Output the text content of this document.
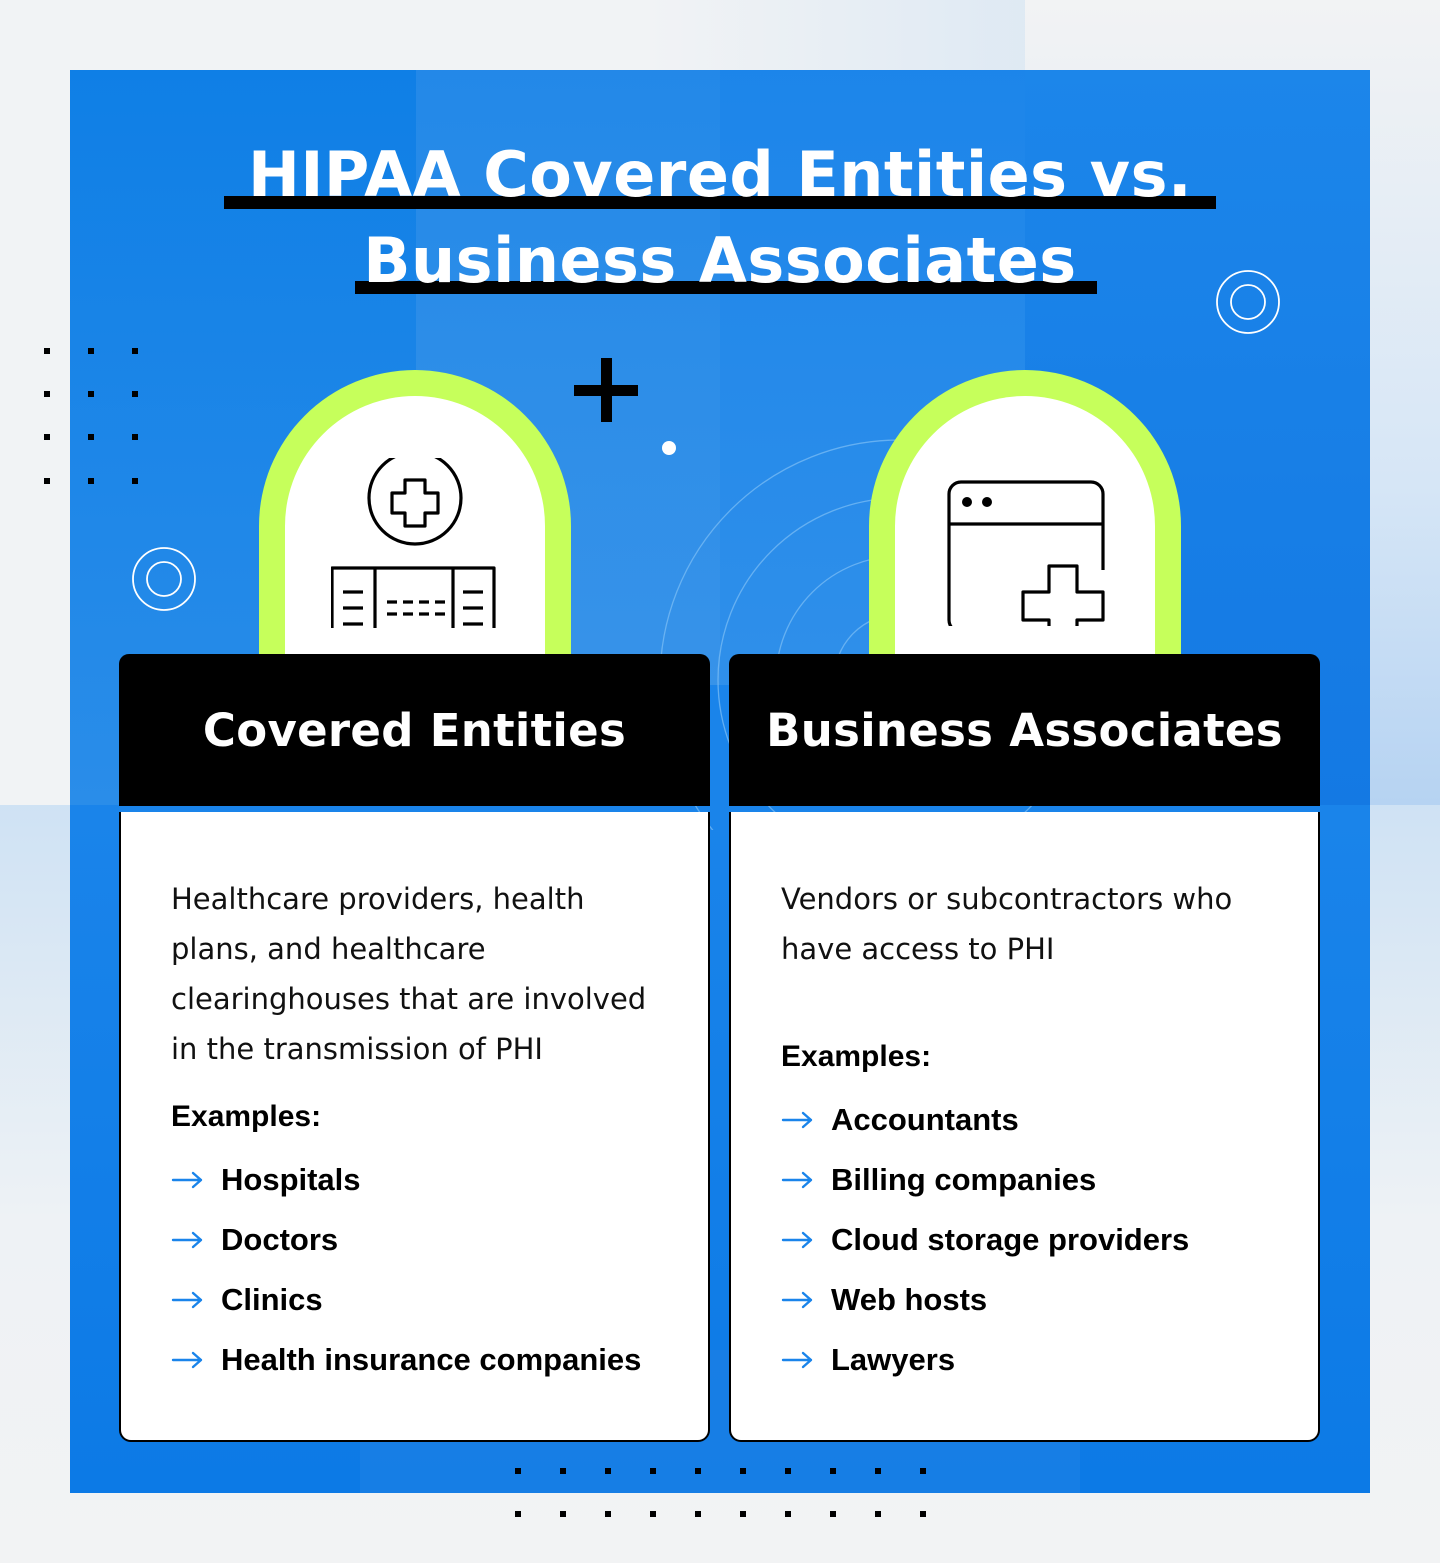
HIPAA Covered Entities vs.
Business Associates
Covered Entities
Healthcare providers, health plans, and healthcare clearinghouses that are involved in the transmission of PHI
Examples:
Hospitals
Doctors
Clinics
Health insurance companies
Business Associates
Vendors or subcontractors who have access to PHI
Examples:
Accountants
Billing companies
Cloud storage providers
Web hosts
Lawyers
